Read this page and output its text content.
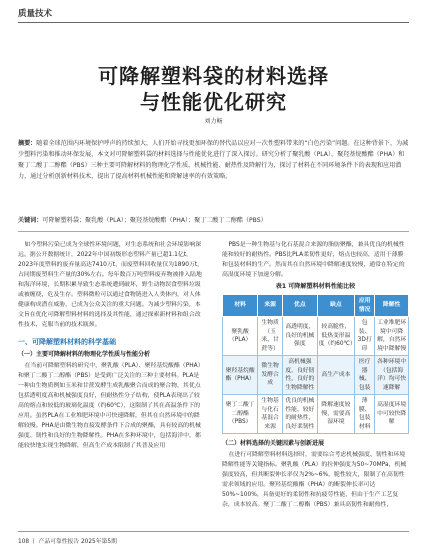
质量技术
可降解塑料袋的材料选择
与性能优化研究
刘力畅
摘要：随着全球范围内环境保护呼声的持续加大，人们开始寻找更加环保的替代品以应对一次性塑料带来的“白色污染”问题。在这种背景下，为减少塑料污染和推动环保发展，本文对可降解塑料袋的材料选择与性能优化进行了深入探讨。研究分析了聚乳酸（PLA）、聚羟基烷酸酯（PHA）和聚丁二酸丁二醇酯（PBS）三种主要可降解材料的物理化学性质、机械性能、耐热性及降解行为，探讨了材料在不同环境条件下的表现和应用潜力，通过分析创新材料技术，提出了提高材料机械性能和降解速率的有效策略。
关键词：可降解塑料袋；聚乳酸（PLA）；聚羟基烷酸酯（PHA）；聚丁二酸丁二醇酯（PBS）

如今塑料污染已成为全球性环境问题，对生态系统和社会环境影响深远。据公开数据统计，2022年中国初级形态塑料产量已超1.1亿t，2023年度塑料的废弃量高达7410万t，而废塑料回收量仅为1890万t，占同期废塑料生产量的30%左右。每年数百万吨塑料废弃物被排入陆地和海洋环境，长期积累导致生态系统遭到破坏，野生动物误食塑料垃圾或被缠绕，危及生存。塑料微粒可以通过食物链进入人类体内，对人体健康构成潜在威胁，已成为公众关注的重大问题。为减少塑料污染，本文旨在优化可降解塑料材料的选择及其性能，通过探索新材料和组合改性技术，克服当前的技术瓶颈。

一、可降解塑料材料的科学基础
（一）主要可降解材料的物理化学性质与性能分析

在当前可降解塑料的研究中，聚乳酸（PLA）、聚羟基烷酸酯（PHA）和聚丁二酸丁二醇酯（PBS）是受到广泛关注的三种主要材料。PLA是一种由生物质例如玉米和甘蔗发酵生成乳酸聚合而成的聚合物，其优点包括透明度高和机械强度良好，但耐热性分子结构，使PLA表现出了较高的熔点和较低的玻璃化温度（约60℃），这限制了其在高温条件下的应用。虽然PLA在工业堆肥环境中可快速降解，但其在自然环境中的降解较慢。PHA是由微生物直接发酵条件下合成的聚酯，具有较高的机械强度、韧性和良好的生物降解性。PHA在多种环境中，包括海洋中，都能较快地实现生物降解，但高生产成本限制了其普及应用

PBS是一种生物基与化石基混合来源的脂肪聚酯，兼具优良的机械性能和较好的耐热性。PBS比PLA柔韧性更好，熔点也较高，适用于薄膜和包装材料的生产。然而其在自然环境中降解速度较慢，通常在特定的高湿度环境下加速分解。

表1 可降解塑料材料性能比较
材料	来源	优点	缺点	应用情况	降解性
聚乳酸（PLA）	生物质（玉米、甘蔗等）	高透明度，良好的机械强度	较高脆性，低热变形温度（约60℃）	包装、3D打印	工业堆肥环境中可降解，自然环境中降解慢
聚羟基烷酸酯（PHA）	微生物发酵合成	高机械强度，良好韧性，良好的生物降解性	高生产成本	医疗器械、包装	各种环境中（包括海洋）均可快速降解
聚丁二酸丁二醇酯（PBS）	生物基与化石基混合来源	优良的机械性能，较好的耐热性，良好柔韧性	降解速度较慢，需要高湿环境	薄膜、包装材料	高湿度环境中可较快降解
（二）材料选择的关键因素与创新进展

在进行可降解塑料材料选择时，需要综合考虑机械强度、韧性和环境降解性能等关键指标。聚乳酸（PLA）的拉伸强度为50~70MPa，机械强度较高，但其断裂伸长率仅为2%~6%，脆性较大，限制了在高韧性需求领域的应用。聚羟基烷酸酯（PHA）的断裂伸长率可达50%~100%，具备更好的柔韧性和抗疲劳性能，但由于生产工艺复杂，成本较高。聚丁二酸丁二醇酯（PBS）兼具高韧性和耐热性，

108 丨 产品可靠性报告 2025年第5期
